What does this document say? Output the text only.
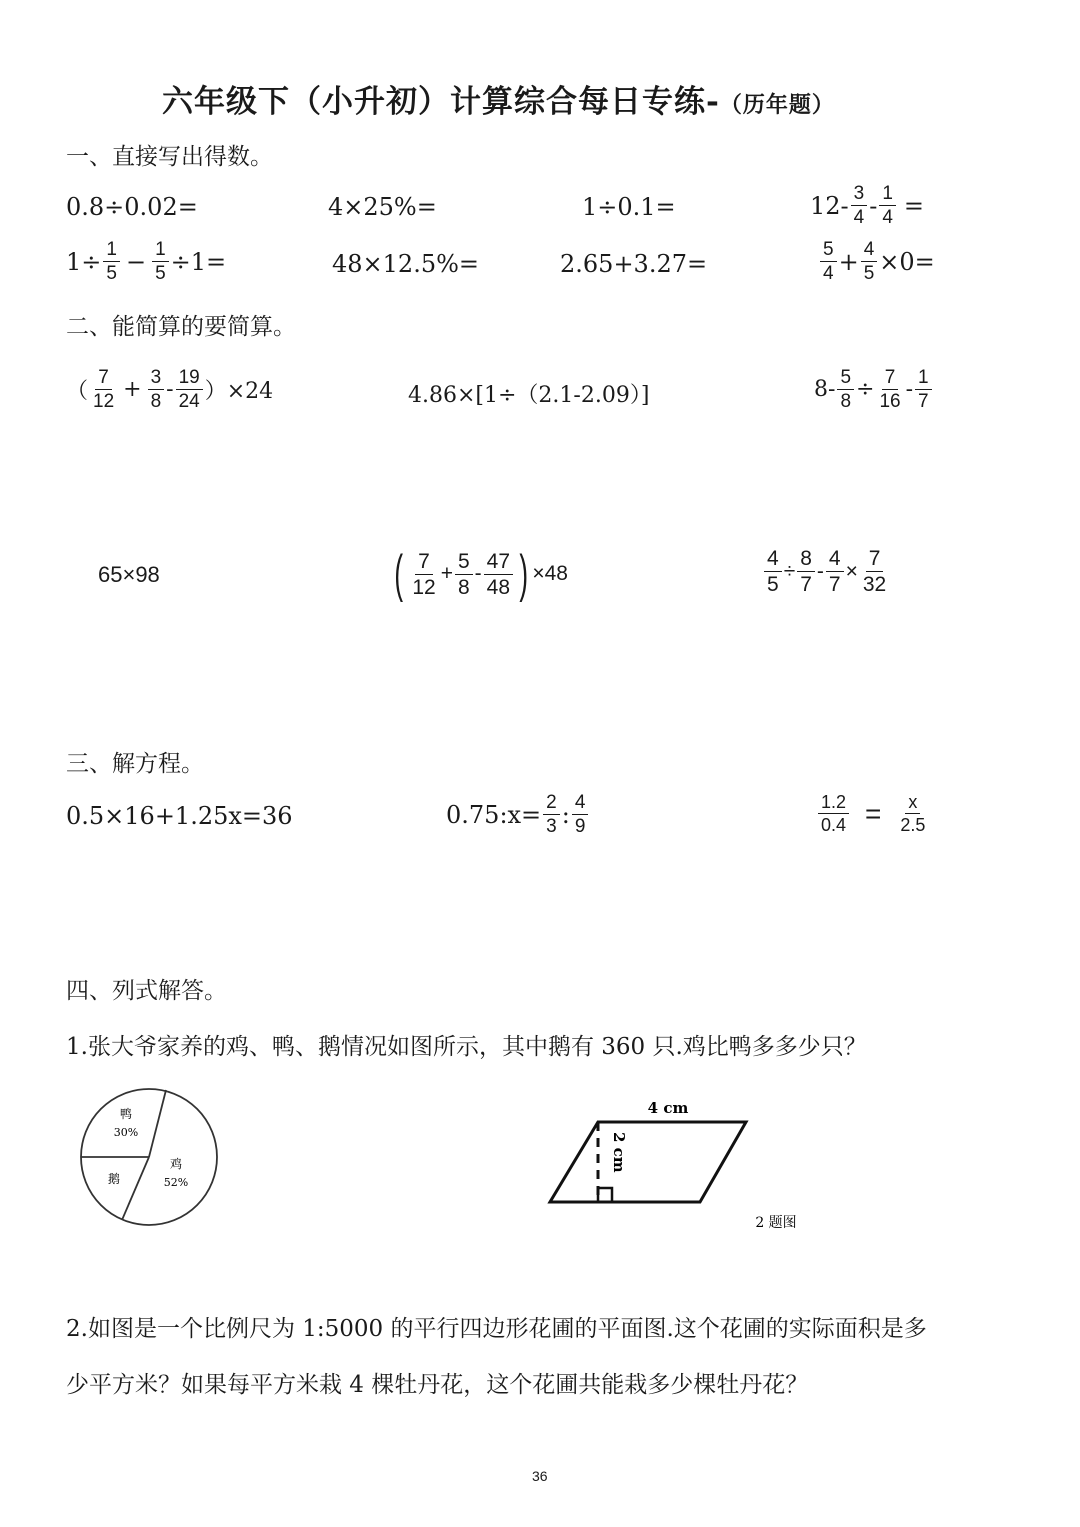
六年级下（小升初）计算综合每日专练-（历年题）
一、直接写出得数。
0.8÷0.02=	4×25%=	1÷0.1=	$12 - \frac{3}{4} - \frac{1}{4}$ =
$1\div \frac{1}{5} - \frac{1}{5} \div 1=$	48×12.5%=	2.65+3.27=	$\frac{5}{4} + \frac{4}{5} \times 0=$
二、能简算的要简算。
（ $\frac{7}{12} + \frac{3}{8} - \frac{19}{24} )\times 24$	4.86×[1÷（2.1-2.09）]	$8- \frac{5}{8} \div \frac{7}{16} - \frac{1}{7}$
65×98	( $\frac{7}{12} + \frac{5}{8} - \frac{47}{48}$ ) ×48	$\frac{4}{5} \div \frac{8}{7} - \frac{4}{7} \times \frac{7}{32}$
三、解方程。
0.5×16+1.25x=36	0.75:x= $\frac{2}{3}$ : $\frac{4}{9}$	$\frac{1.2}{0.4} = \frac{x}{2.5}$
四、列式解答。
1.张大爷家养的鸡、鸭、鹅情况如图所示，其中鹅有 360 只.鸡比鸭多多少只？
鸭
30%
鹅
鸡
52%
4 cm
2 cm
2 题图
2.如图是一个比例尺为 1:5000 的平行四边形花圃的平面图.这个花圃的实际面积是多
少平方米？如果每平方米栽 4 棵牡丹花，这个花圃共能栽多少棵牡丹花？
36
